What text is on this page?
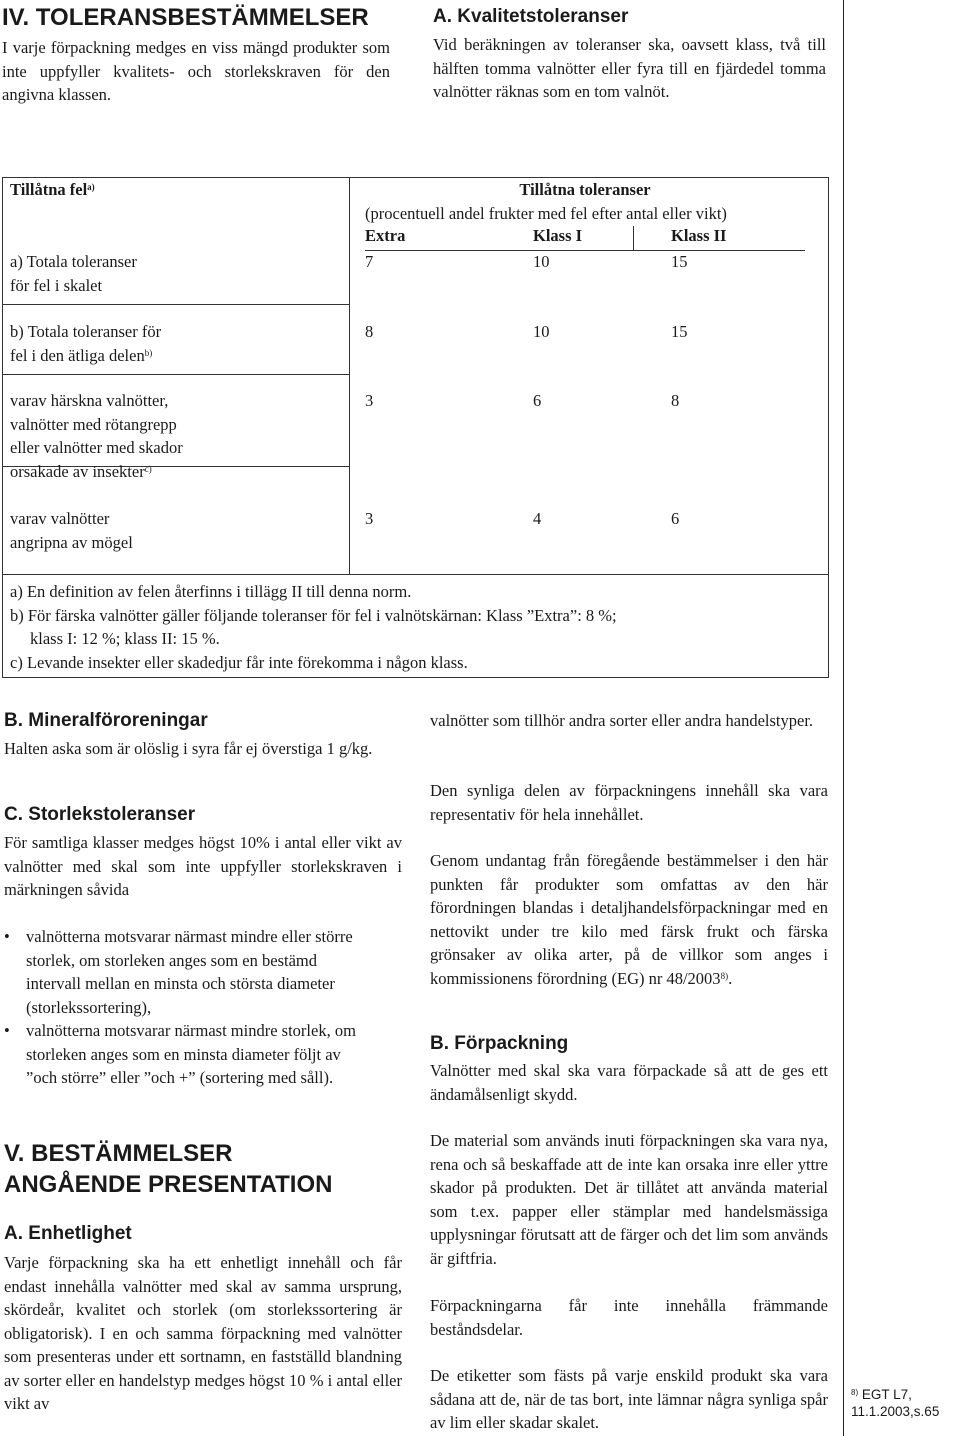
IV. TOLERANSBESTÄMMELSER
I varje förpackning medges en viss mängd produkter som inte uppfyller kvalitets- och storlekskraven för den angivna klassen.
A. Kvalitetstoleranser
Vid beräkningen av toleranser ska, oavsett klass, två till hälften tomma valnötter eller fyra till en fjärdedel tomma valnötter räknas som en tom valnöt.
Tillåtna fel$^{a)}$	Tillåtna toleranser
(procentuell andel frukter med fel efter antal eller vikt)
Extra	Klass I	Klass II
a) Totala toleranser
för fel i skalet
7	10	15
b) Totala toleranser för
fel i den ätliga delen$^{b)}$
8	10	15
varav härskna valnötter,
valnötter med rötangrepp
eller valnötter med skador
orsakade av insekter$^{c)}$
3	6	8
varav valnötter
angripna av mögel
3	4	6
a) En definition av felen återfinns i tillägg II till denna norm.
b) För färska valnötter gäller följande toleranser för fel i valnötskärnan: Klass ”Extra”: 8 %;
klass I: 12 %; klass II: 15 %.
c) Levande insekter eller skadedjur får inte förekomma i någon klass.
B. Mineralföroreningar
Halten aska som är olöslig i syra får ej överstiga 1 g/kg.
C. Storlekstoleranser
För samtliga klasser medges högst 10% i antal eller vikt av valnötter med skal som inte uppfyller storlekskraven i märkningen såvida
• valnötterna motsvarar närmast mindre eller större storlek, om storleken anges som en bestämd intervall mellan en minsta och största diameter (storlekssortering),
• valnötterna motsvarar närmast mindre storlek, om storleken anges som en minsta diameter följt av ”och större” eller ”och +” (sortering med såll).
V. BESTÄMMELSER
ANGÅENDE PRESENTATION
A. Enhetlighet
Varje förpackning ska ha ett enhetligt innehåll och får endast innehålla valnötter med skal av samma ursprung, skördeår, kvalitet och storlek (om storlekssortering är obligatorisk). I en och samma förpackning med valnötter som presenteras under ett sortnamn, en fastställd blandning av sorter eller en handelstyp medges högst 10 % i antal eller vikt av
valnötter som tillhör andra sorter eller andra handelstyper.
Den synliga delen av förpackningens innehåll ska vara representativ för hela innehållet.
Genom undantag från föregående bestämmelser i den här punkten får produkter som omfattas av den här förordningen blandas i detaljhandelsförpackningar med en nettovikt under tre kilo med färsk frukt och färska grönsaker av olika arter, på de villkor som anges i kommissionens förordning (EG) nr 48/2003$^{8)}$.
B. Förpackning
Valnötter med skal ska vara förpackade så att de ges ett ändamålsenligt skydd.
De material som används inuti förpackningen ska vara nya, rena och så beskaffade att de inte kan orsaka inre eller yttre skador på produkten. Det är tillåtet att använda material som t.ex. papper eller stämplar med handelsmässiga upplysningar förutsatt att de färger och det lim som används är giftfria.
Förpackningarna får inte innehålla främmande beståndsdelar.
De etiketter som fästs på varje enskild produkt ska vara sådana att de, när de tas bort, inte lämnar några synliga spår av lim eller skadar skalet.
$^{8)}$ EGT L7,
11.1.2003,s.65
